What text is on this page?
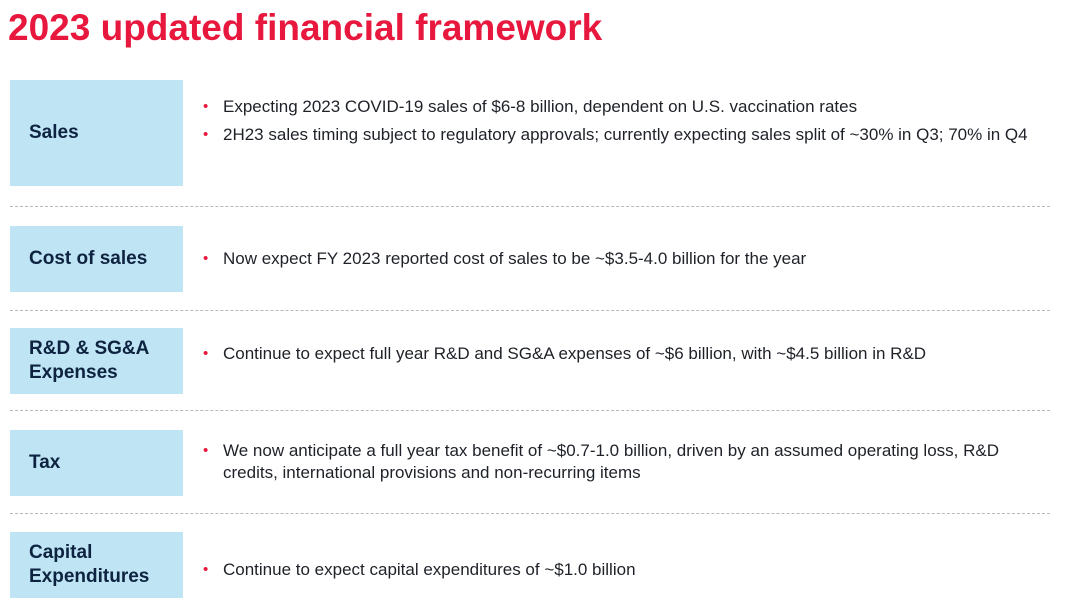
2023 updated financial framework
Sales
• Expecting 2023 COVID-19 sales of $6-8 billion, dependent on U.S. vaccination rates
• 2H23 sales timing subject to regulatory approvals; currently expecting sales split of ~30% in Q3; 70% in Q4
Cost of sales	• Now expect FY 2023 reported cost of sales to be ~$3.5-4.0 billion for the year
R&D & SG&A Expenses
• Continue to expect full year R&D and SG&A expenses of ~$6 billion, with ~$4.5 billion in R&D
Tax
• We now anticipate a full year tax benefit of ~$0.7-1.0 billion, driven by an assumed operating loss, R&D credits, international provisions and non-recurring items
Capital Expenditures	• Continue to expect capital expenditures of ~$1.0 billion
